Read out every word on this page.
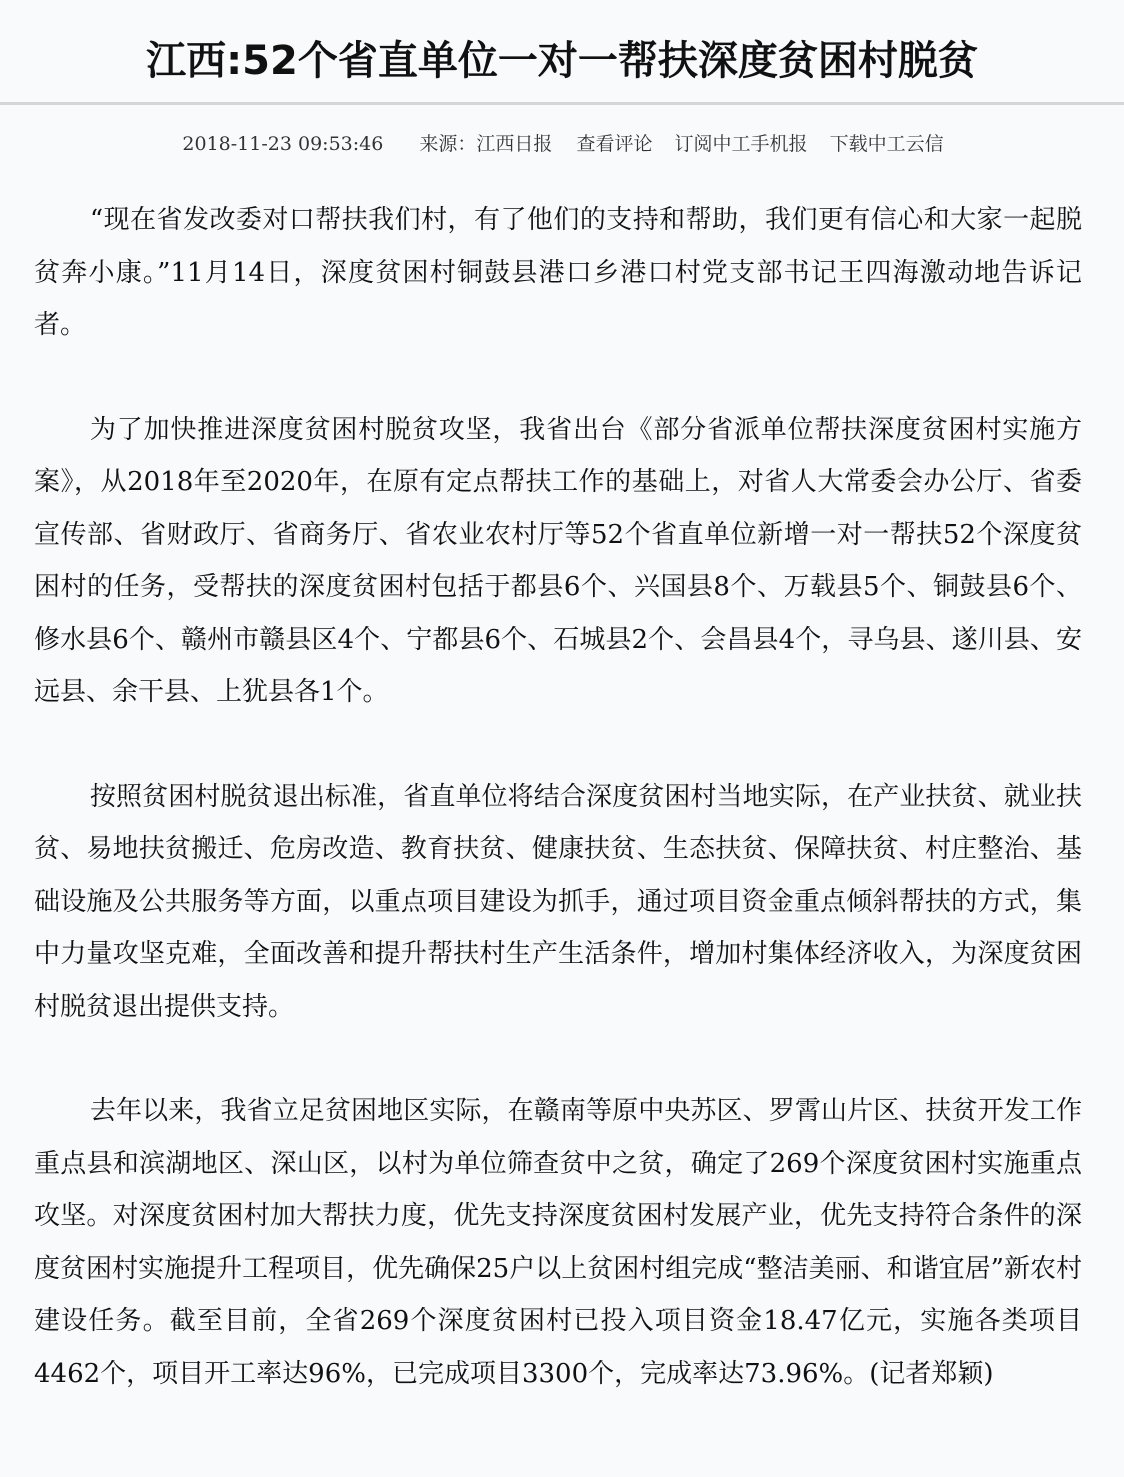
江西:52个省直单位一对一帮扶深度贫困村脱贫
2018-11-23 09:53:46 来源：江西日报 查看评论 订阅中工手机报 下载中工云信

“现在省发改委对口帮扶我们村，有了他们的支持和帮助，我们更有信心和大家一起脱贫奔小康。”11月14日，深度贫困村铜鼓县港口乡港口村党支部书记王四海激动地告诉记者。

为了加快推进深度贫困村脱贫攻坚，我省出台《部分省派单位帮扶深度贫困村实施方案》，从2018年至2020年，在原有定点帮扶工作的基础上，对省人大常委会办公厅、省委宣传部、省财政厅、省商务厅、省农业农村厅等52个省直单位新增一对一帮扶52个深度贫困村的任务，受帮扶的深度贫困村包括于都县6个、兴国县8个、万载县5个、铜鼓县6个、修水县6个、赣州市赣县区4个、宁都县6个、石城县2个、会昌县4个，寻乌县、遂川县、安远县、余干县、上犹县各1个。

按照贫困村脱贫退出标准，省直单位将结合深度贫困村当地实际，在产业扶贫、就业扶贫、易地扶贫搬迁、危房改造、教育扶贫、健康扶贫、生态扶贫、保障扶贫、村庄整治、基础设施及公共服务等方面，以重点项目建设为抓手，通过项目资金重点倾斜帮扶的方式，集中力量攻坚克难，全面改善和提升帮扶村生产生活条件，增加村集体经济收入，为深度贫困村脱贫退出提供支持。

去年以来，我省立足贫困地区实际，在赣南等原中央苏区、罗霄山片区、扶贫开发工作重点县和滨湖地区、深山区，以村为单位筛查贫中之贫，确定了269个深度贫困村实施重点攻坚。对深度贫困村加大帮扶力度，优先支持深度贫困村发展产业，优先支持符合条件的深度贫困村实施提升工程项目，优先确保25户以上贫困村组完成“整洁美丽、和谐宜居”新农村建设任务。截至目前，全省269个深度贫困村已投入项目资金18.47亿元，实施各类项目4462个，项目开工率达96%，已完成项目3300个，完成率达73.96%。(记者郑颖)
